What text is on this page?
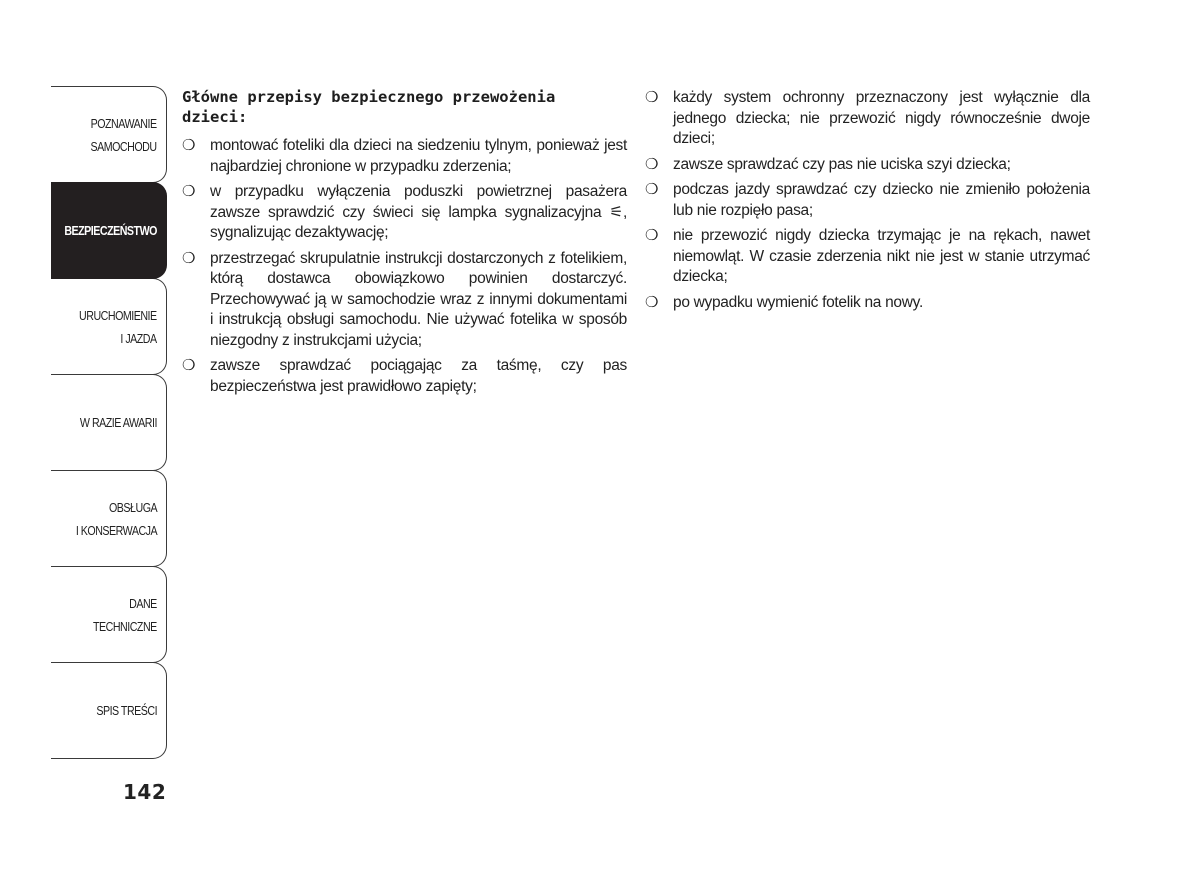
POZNAWANIE
SAMOCHODU
BEZPIECZEŃSTWO
URUCHOMIENIE
I JAZDA
W RAZIE AWARII
OBSŁUGA
I KONSERWACJA
DANE
TECHNICZNE
SPIS TREŚCI
142
Główne przepisy bezpiecznego przewożenia dzieci:
❍ montować foteliki dla dzieci na siedzeniu tylnym, ponieważ jest najbardziej chronione w przypadku zderzenia;
❍ w przypadku wyłączenia poduszki powietrznej pasażera zawsze sprawdzić czy świeci się lampka sygnalizacyjna ⚟, sygnalizując dezaktywację;
❍ przestrzegać skrupulatnie instrukcji dostarczonych z fotelikiem, którą dostawca obowiązkowo powinien dostarczyć. Przechowywać ją w samochodzie wraz z innymi dokumentami i instrukcją obsługi samochodu. Nie używać fotelika w sposób niezgodny z instrukcjami użycia;
❍ zawsze sprawdzać pociągając za taśmę, czy pas bezpieczeństwa jest prawidłowo zapięty;
❍ każdy system ochronny przeznaczony jest wyłącznie dla jednego dziecka; nie przewozić nigdy równocześnie dwoje dzieci;
❍ zawsze sprawdzać czy pas nie uciska szyi dziecka;
❍ podczas jazdy sprawdzać czy dziecko nie zmieniło położenia lub nie rozpięło pasa;
❍ nie przewozić nigdy dziecka trzymając je na rękach, nawet niemowląt. W czasie zderzenia nikt nie jest w stanie utrzymać dziecka;
❍ po wypadku wymienić fotelik na nowy.
